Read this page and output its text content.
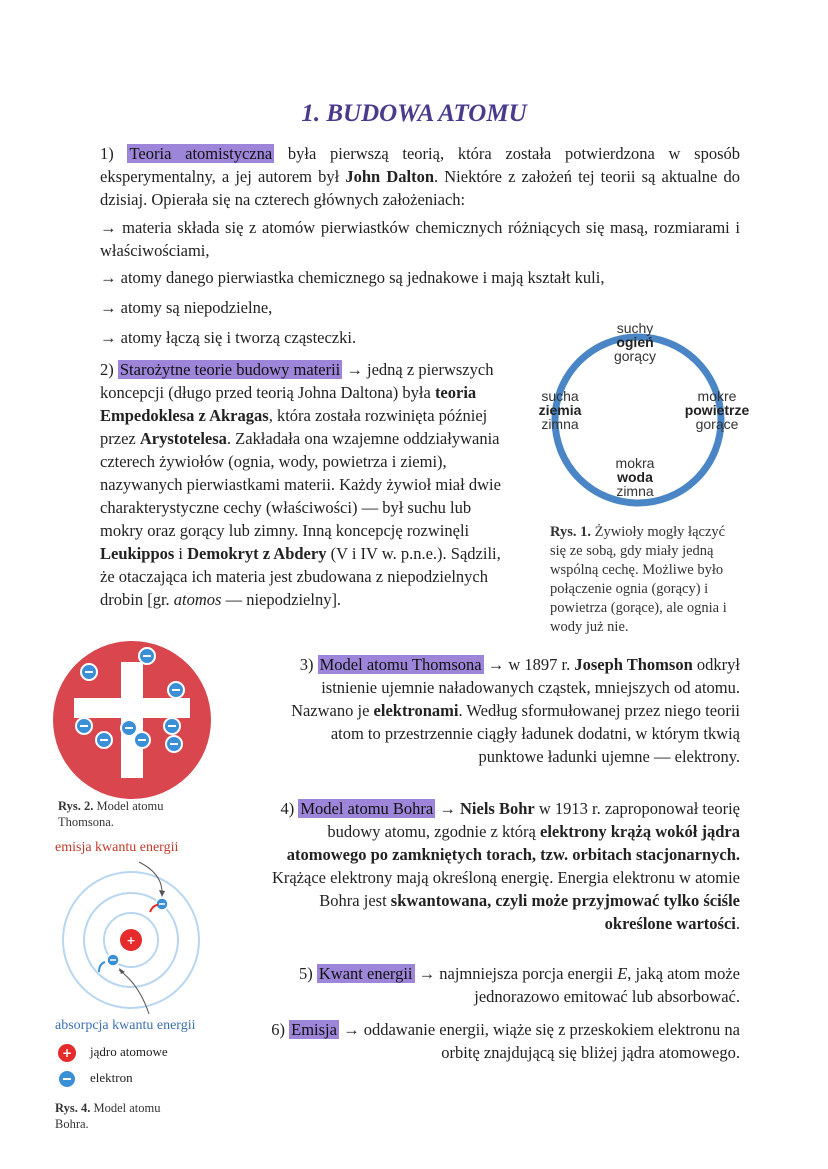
1. BUDOWA ATOMU
1) Teoria atomistyczna była pierwszą teorią, która została potwierdzona w sposób eksperymentalny, a jej autorem był John Dalton. Niektóre z założeń tej teorii są aktualne do dzisiaj. Opierała się na czterech głównych założeniach:
→ materia składa się z atomów pierwiastków chemicznych różniących się masą, rozmiarami i właściwościami,
→ atomy danego pierwiastka chemicznego są jednakowe i mają kształt kuli,
→ atomy są niepodzielne,
→ atomy łączą się i tworzą cząsteczki.
2) Starożytne teorie budowy materii → jedną z pierwszych koncepcji (długo przed teorią Johna Daltona) była teoria Empedoklesa z Akragas, która została rozwinięta później przez Arystotelesa. Zakładała ona wzajemne oddziaływania czterech żywiołów (ognia, wody, powietrza i ziemi), nazywanych pierwiastkami materii. Każdy żywioł miał dwie charakterystyczne cechy (właściwości) — był suchu lub mokry oraz gorący lub zimny. Inną koncepcję rozwinęli Leukippos i Demokryt z Abdery (V i IV w. p.n.e.). Sądzili, że otaczająca ich materia jest zbudowana z niepodzielnych drobin [gr. atomos — niepodzielny].
suchy
ogień
gorący
sucha
ziemia
zimna
mokre
powietrze
gorące
mokra
woda
zimna
Rys. 1. Żywioły mogły łączyć się ze sobą, gdy miały jedną wspólną cechę. Możliwe było połączenie ognia (gorący) i powietrza (gorące), ale ognia i wody już nie.
Rys. 2. Model atomu Thomsona.
3) Model atomu Thomsona → w 1897 r. Joseph Thomson odkrył istnienie ujemnie naładowanych cząstek, mniejszych od atomu. Nazwano je elektronami. Według sformułowanej przez niego teorii atom to przestrzennie ciągły ładunek dodatni, w którym tkwią punktowe ładunki ujemne — elektrony.
4) Model atomu Bohra → Niels Bohr w 1913 r. zaproponował teorię budowy atomu, zgodnie z którą elektrony krążą wokół jądra atomowego po zamkniętych torach, tzw. orbitach stacjonarnych. Krążące elektrony mają określoną energię. Energia elektronu w atomie Bohra jest skwantowana, czyli może przyjmować tylko ściśle określone wartości.
5) Kwant energii → najmniejsza porcja energii E, jaką atom może jednorazowo emitować lub absorbować.
6) Emisja → oddawanie energii, wiąże się z przeskokiem elektronu na orbitę znajdującą się bliżej jądra atomowego.
emisja kwantu energii
+
absorpcja kwantu energii
+ jądro atomowe
elektron
Rys. 4. Model atomu Bohra.
